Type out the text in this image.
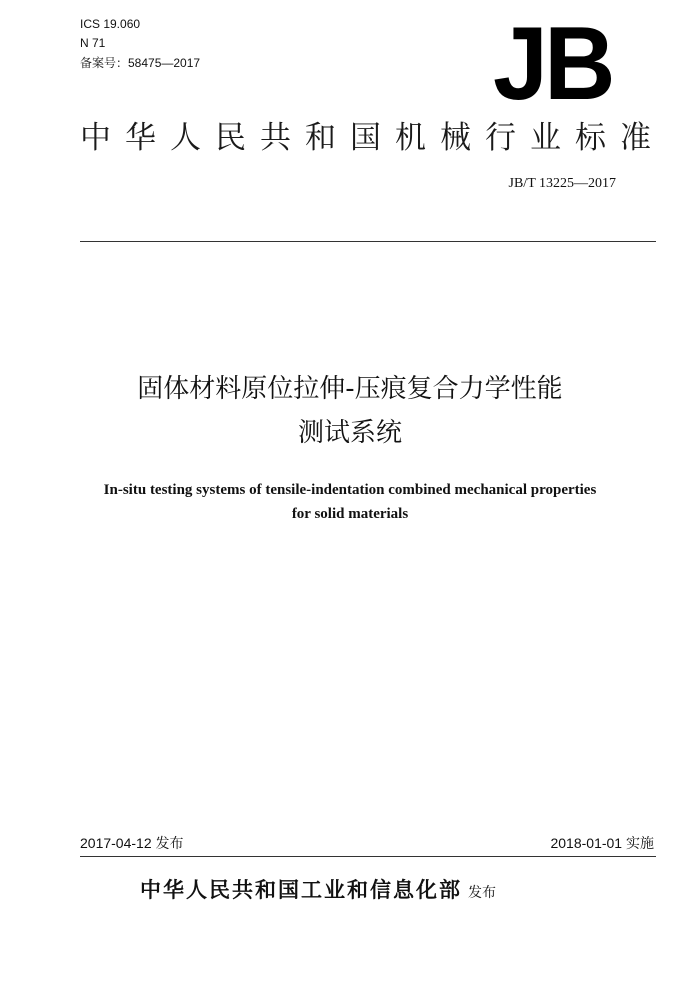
ICS 19.060
N 71
备案号：58475—2017	JB
中华人民共和国机械行业标准
JB/T 13225—2017
固体材料原位拉伸-压痕复合力学性能
测试系统
In-situ testing systems of tensile-indentation combined mechanical properties
for solid materials
2017-04-12 发布	2018-01-01 实施
中华人民共和国工业和信息化部 发布
